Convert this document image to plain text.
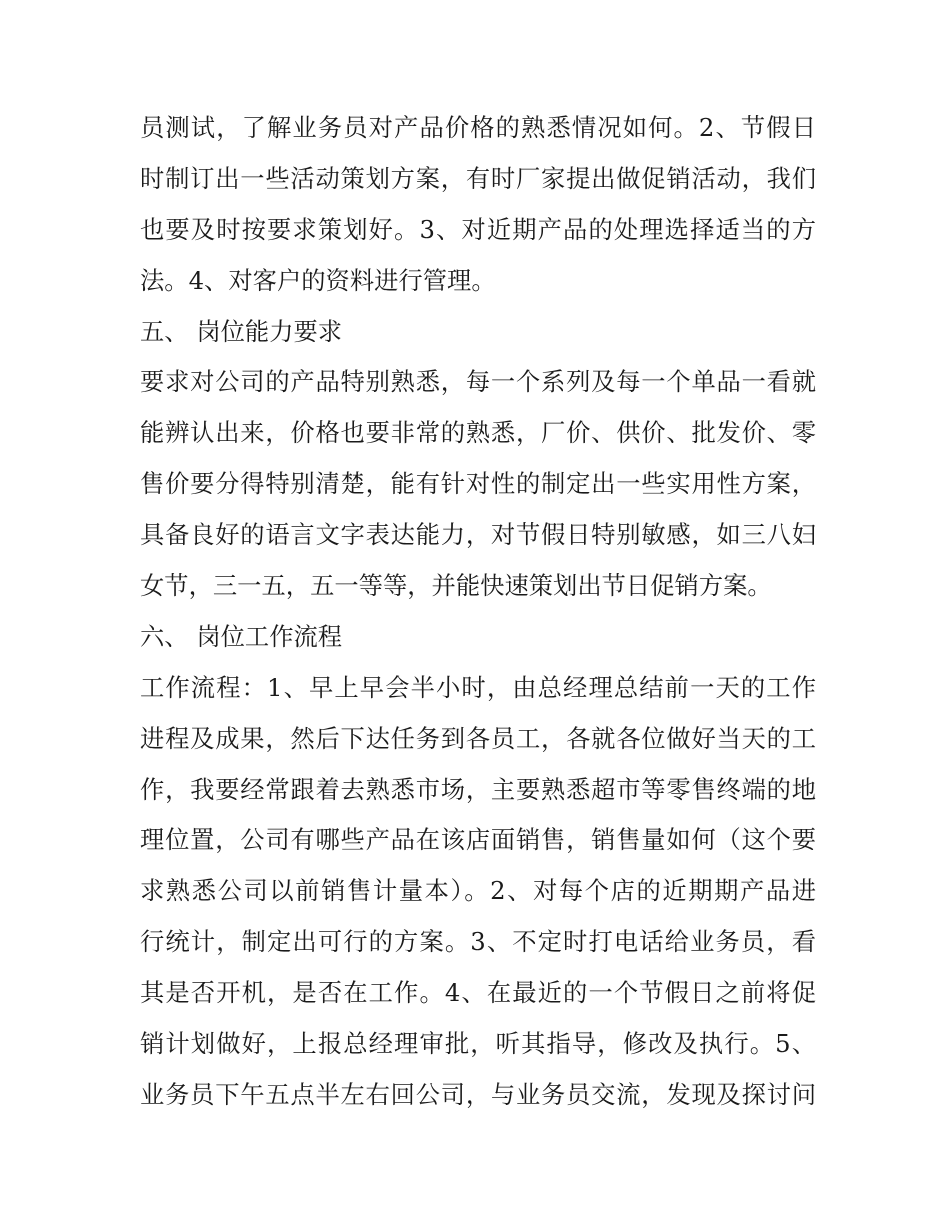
员测试，了解业务员对产品价格的熟悉情况如何。2、节假日
时制订出一些活动策划方案，有时厂家提出做促销活动，我们
也要及时按要求策划好。3、对近期产品的处理选择适当的方
法。4、对客户的资料进行管理。
五、 岗位能力要求
要求对公司的产品特别熟悉，每一个系列及每一个单品一看就
能辨认出来，价格也要非常的熟悉，厂价、供价、批发价、零
售价要分得特别清楚，能有针对性的制定出一些实用性方案，
具备良好的语言文字表达能力，对节假日特别敏感，如三八妇
女节，三一五，五一等等，并能快速策划出节日促销方案。
六、 岗位工作流程
工作流程：1、早上早会半小时，由总经理总结前一天的工作
进程及成果，然后下达任务到各员工，各就各位做好当天的工
作，我要经常跟着去熟悉市场，主要熟悉超市等零售终端的地
理位置，公司有哪些产品在该店面销售，销售量如何（这个要
求熟悉公司以前销售计量本）。2、对每个店的近期期产品进
行统计，制定出可行的方案。3、不定时打电话给业务员，看
其是否开机，是否在工作。4、在最近的一个节假日之前将促
销计划做好，上报总经理审批，听其指导，修改及执行。5、
业务员下午五点半左右回公司，与业务员交流，发现及探讨问
